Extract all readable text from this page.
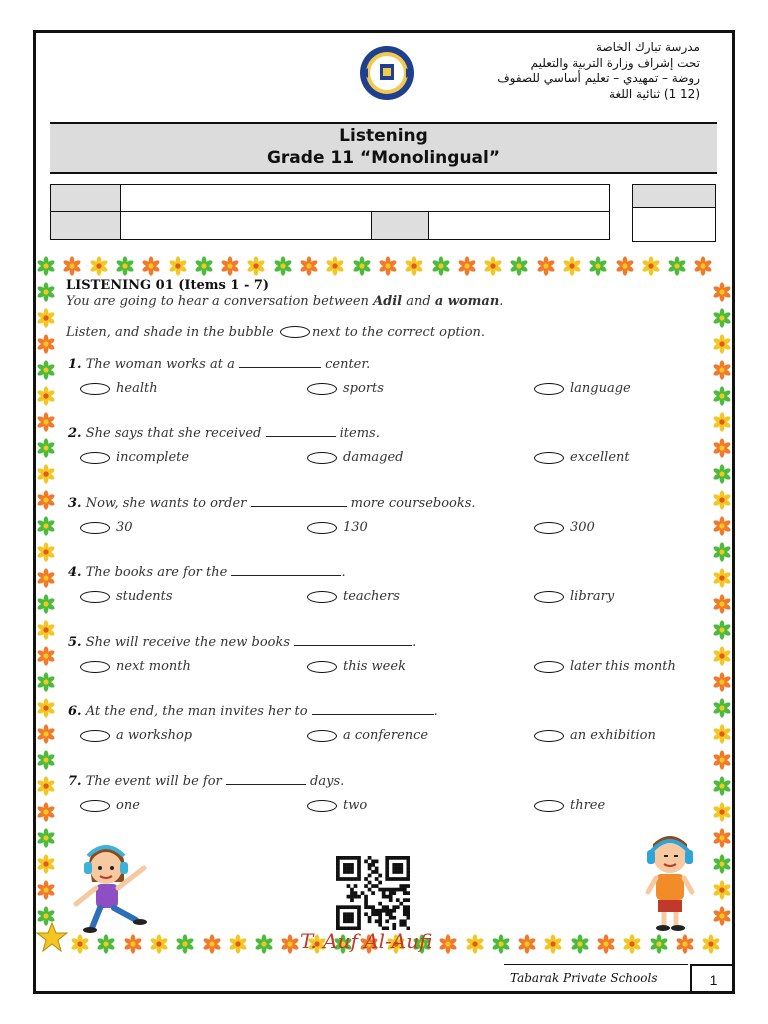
مدرسة تبارك الخاصة
تحت إشراف وزارة التربية والتعليم
روضة – تمهيدي – تعليم أساسي للصفوف
(12 1) ثنائية اللغة
Listening
Grade 11 “Monolingual”
LISTENING 01 (Items 1 - 7)
You are going to hear a conversation between Adil and a woman.
Listen, and shade in the bubble	next to the correct option.
1. The woman works at a	center.
health	sports	language
2. She says that she received	items.
incomplete	damaged	excellent
3. Now, she wants to order	more coursebooks.
30	130	300
4. The books are for the	.
students	teachers	library
5. She will receive the new books	.
next month	this week	later this month
6. At the end, the man invites her to	.
a workshop	a conference	an exhibition
7. The event will be for	days.
one	two	three
T. Auf Al-Aufi
Tabarak Private Schools	1
